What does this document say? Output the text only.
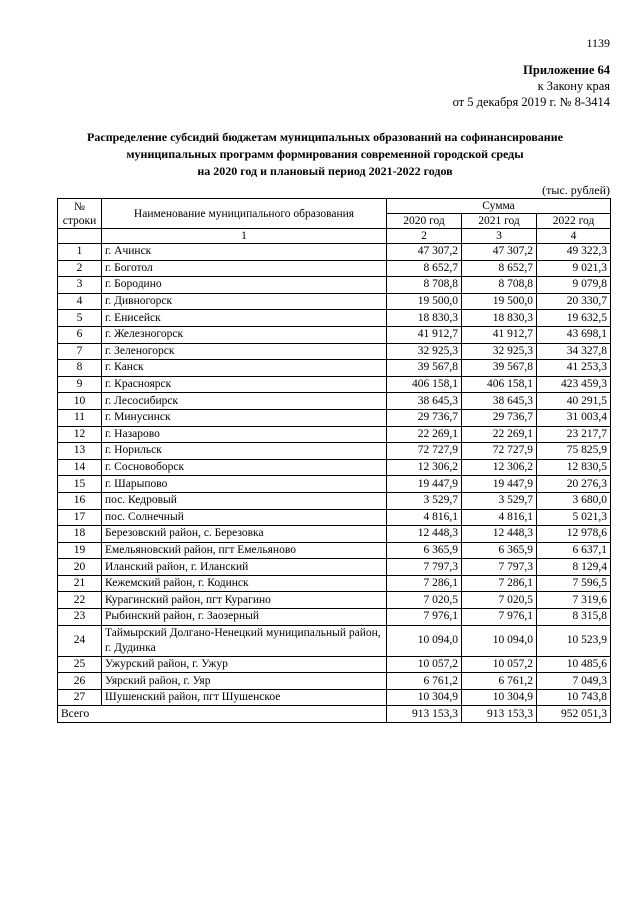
1139
Приложение 64
к Закону края
от 5 декабря 2019 г. № 8-3414
Распределение субсидий бюджетам муниципальных образований на софинансирование
муниципальных программ формирования современной городской среды
на 2020 год и плановый период 2021-2022 годов
(тыс. рублей)
№
строки	Наименование муниципального образования	Сумма		
		2020 год	2021 год	2022 год
	1	2	3	4
1	г. Ачинск	47 307,2	47 307,2	49 322,3
2	г. Боготол	8 652,7	8 652,7	9 021,3
3	г. Бородино	8 708,8	8 708,8	9 079,8
4	г. Дивногорск	19 500,0	19 500,0	20 330,7
5	г. Енисейск	18 830,3	18 830,3	19 632,5
6	г. Железногорск	41 912,7	41 912,7	43 698,1
7	г. Зеленогорск	32 925,3	32 925,3	34 327,8
8	г. Канск	39 567,8	39 567,8	41 253,3
9	г. Красноярск	406 158,1	406 158,1	423 459,3
10	г. Лесосибирск	38 645,3	38 645,3	40 291,5
11	г. Минусинск	29 736,7	29 736,7	31 003,4
12	г. Назарово	22 269,1	22 269,1	23 217,7
13	г. Норильск	72 727,9	72 727,9	75 825,9
14	г. Сосновоборск	12 306,2	12 306,2	12 830,5
15	г. Шарыпово	19 447,9	19 447,9	20 276,3
16	пос. Кедровый	3 529,7	3 529,7	3 680,0
17	пос. Солнечный	4 816,1	4 816,1	5 021,3
18	Березовский район, с. Березовка	12 448,3	12 448,3	12 978,6
19	Емельяновский район, пгт Емельяново	6 365,9	6 365,9	6 637,1
20	Иланский район, г. Иланский	7 797,3	7 797,3	8 129,4
21	Кежемский район, г. Кодинск	7 286,1	7 286,1	7 596,5
22	Курагинский район, пгт Курагино	7 020,5	7 020,5	7 319,6
23	Рыбинский район, г. Заозерный	7 976,1	7 976,1	8 315,8
24	Таймырский Долгано-Ненецкий муниципальный район, г. Дудинка	10 094,0	10 094,0	10 523,9
25	Ужурский район, г. Ужур	10 057,2	10 057,2	10 485,6
26	Уярский район, г. Уяр	6 761,2	6 761,2	7 049,3
27	Шушенский район, пгт Шушенское	10 304,9	10 304,9	10 743,8
Всего		913 153,3	913 153,3	952 051,3
